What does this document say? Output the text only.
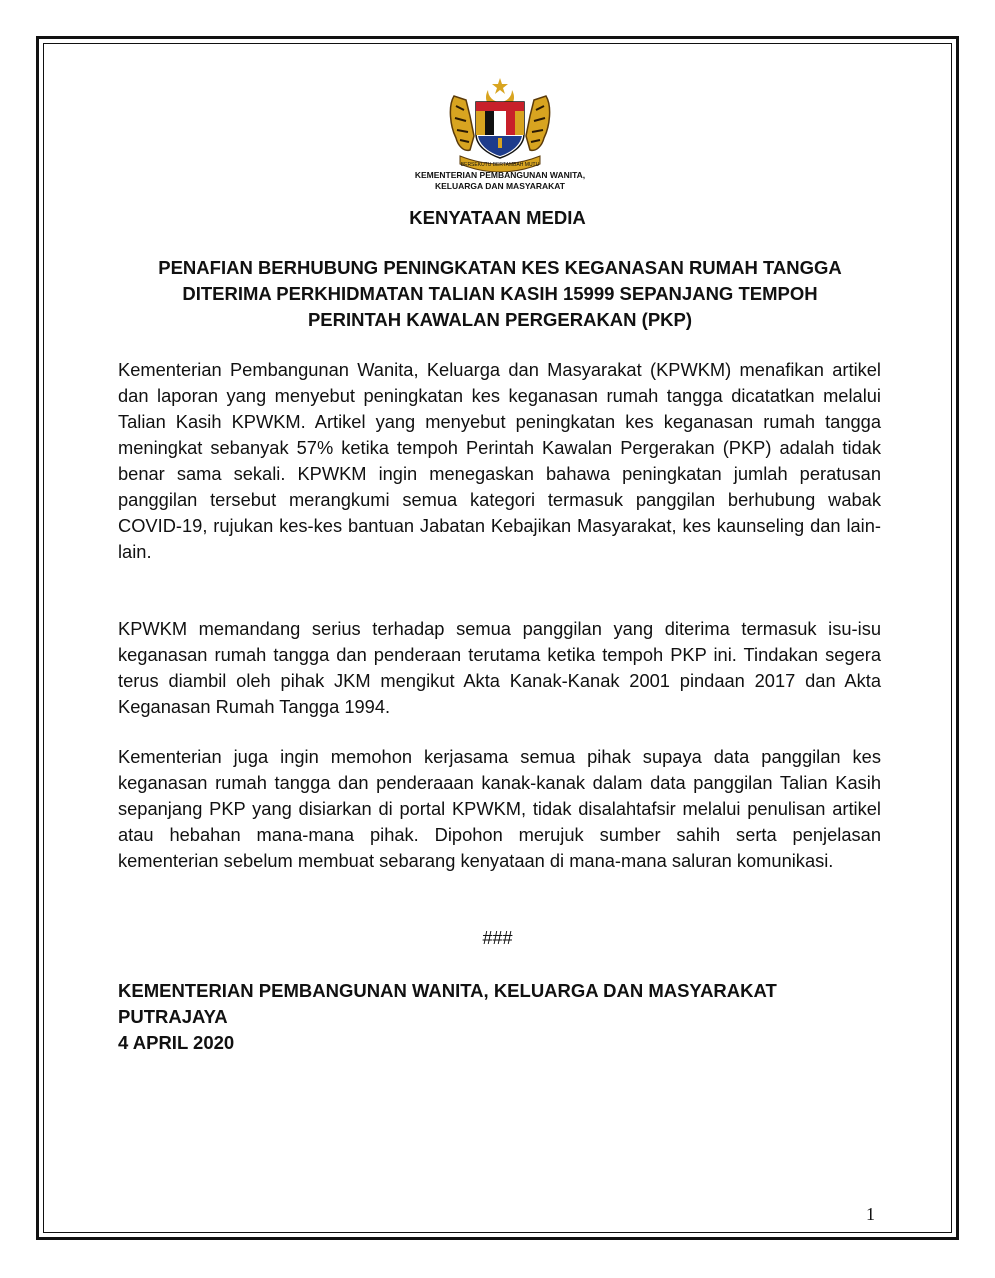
BERSEKUTU BERTAMBAH MUTU
KEMENTERIAN PEMBANGUNAN WANITA,
KELUARGA DAN MASYARAKAT
KENYATAAN MEDIA
PENAFIAN BERHUBUNG PENINGKATAN KES KEGANASAN RUMAH TANGGA
DITERIMA PERKHIDMATAN TALIAN KASIH 15999 SEPANJANG TEMPOH
PERINTAH KAWALAN PERGERAKAN (PKP)
Kementerian Pembangunan Wanita, Keluarga dan Masyarakat (KPWKM) menafikan artikel dan laporan yang menyebut peningkatan kes keganasan rumah tangga dicatatkan melalui Talian Kasih KPWKM. Artikel yang menyebut peningkatan kes keganasan rumah tangga meningkat sebanyak 57% ketika tempoh Perintah Kawalan Pergerakan (PKP) adalah tidak benar sama sekali. KPWKM ingin menegaskan bahawa peningkatan jumlah peratusan panggilan tersebut merangkumi semua kategori termasuk panggilan berhubung wabak COVID-19, rujukan kes-kes bantuan Jabatan Kebajikan Masyarakat, kes kaunseling dan lain-lain.
KPWKM memandang serius terhadap semua panggilan yang diterima termasuk isu-isu keganasan rumah tangga dan penderaan terutama ketika tempoh PKP ini. Tindakan segera terus diambil oleh pihak JKM mengikut Akta Kanak-Kanak 2001 pindaan 2017 dan Akta Keganasan Rumah Tangga 1994.
Kementerian juga ingin memohon kerjasama semua pihak supaya data panggilan kes keganasan rumah tangga dan penderaaan kanak-kanak dalam data panggilan Talian Kasih sepanjang PKP yang disiarkan di portal KPWKM, tidak disalahtafsir melalui penulisan artikel atau hebahan mana-mana pihak. Dipohon merujuk sumber sahih serta penjelasan kementerian sebelum membuat sebarang kenyataan di mana-mana saluran komunikasi.
###
KEMENTERIAN PEMBANGUNAN WANITA, KELUARGA DAN MASYARAKAT
PUTRAJAYA
4 APRIL 2020
1
